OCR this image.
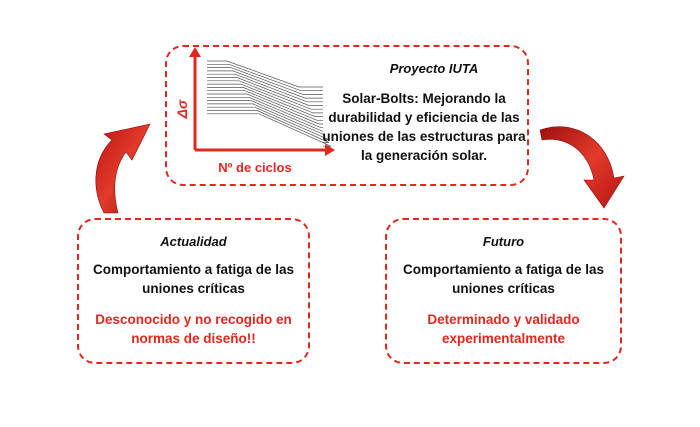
Δσ
Nº de ciclos
Proyecto IUTA
Solar-Bolts: Mejorando la durabilidad y eficiencia de las uniones de las estructuras para la generación solar.
Actualidad
Comportamiento a fatiga de las uniones críticas
Desconocido y no recogido en normas de diseño!!
Futuro
Comportamiento a fatiga de las uniones críticas
Determinado y validado experimentalmente
